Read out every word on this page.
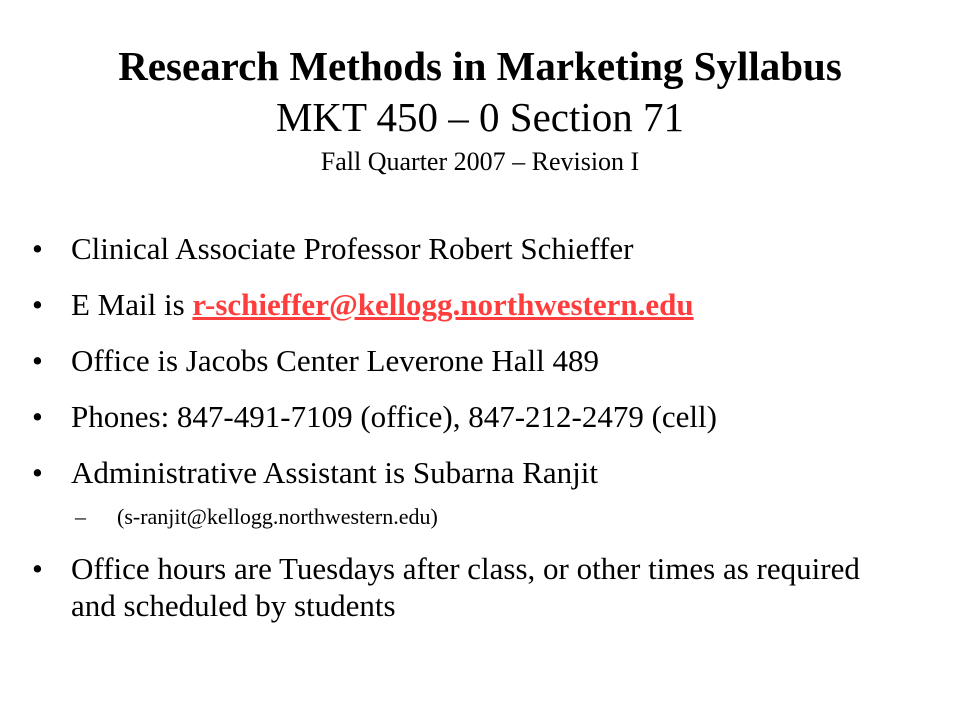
Research Methods in Marketing Syllabus

MKT 450 – 0 Section 71

Fall Quarter 2007 – Revision I

• Clinical Associate Professor Robert Schieffer
• E Mail is r-schieffer@kellogg.northwestern.edu
• Office is Jacobs Center Leverone Hall 489
• Phones: 847-491-7109 (office), 847-212-2479 (cell)
• Administrative Assistant is Subarna Ranjit
– (s-ranjit@kellogg.northwestern.edu)
• Office hours are Tuesdays after class, or other times as required and scheduled by students
